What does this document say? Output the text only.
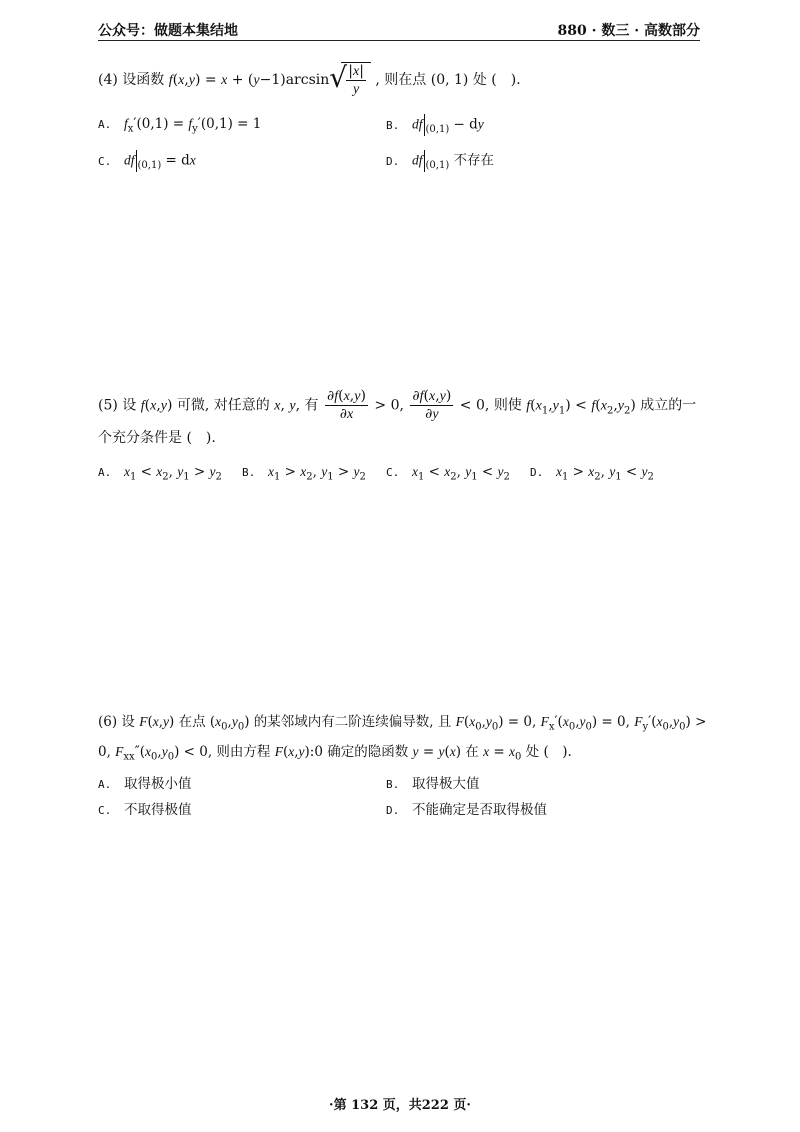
公众号：做题本集结地	880 · 数三 · 高数部分
(4) 设函数 f(x,y) = x + (y−1)arcsin √ $\frac{|x|}{y}$ , 则在点 (0, 1) 处 (　).
A. $f_x'(0,1) = f_y'(0,1) = 1$	B. df $_{(0,1)}$ − dy
C. df $_{(0,1)}$ = dx	D. df $_{(0,1)}$ 不存在
(5) 设 f(x,y) 可微, 对任意的 x, y, 有 $\frac{\partial f(x,y)}{\partial x} > 0$, $\frac{\partial f(x,y)}{\partial y} < 0$, 则使 $f(x_1,y_1) < f(x_2,y_2)$ 成立的一
个充分条件是 (　).
A. $x_1 < x_2$, $y_1 > y_2$ B. $x_1 > x_2$, $y_1 > y_2$ C. $x_1 < x_2$, $y_1 < y_2$ D. $x_1 > x_2$, $y_1 < y_2$
(6) 设 F(x,y) 在点 $(x_0,y_0)$ 的某邻域内有二阶连续偏导数, 且 $F(x_0,y_0) = 0$, $F_x'(x_0,y_0) = 0$, $F_y'(x_0,y_0)$ >
0, $F_{xx}''(x_0,y_0) < 0$, 则由方程 F(x,y):0 确定的隐函数 y = y(x) 在 $x = x_0$ 处 (　).
A. 取得极小值	B. 取得极大值
C. 不取得极值	D. 不能确定是否取得极值
·第 132 页，共222 页·
